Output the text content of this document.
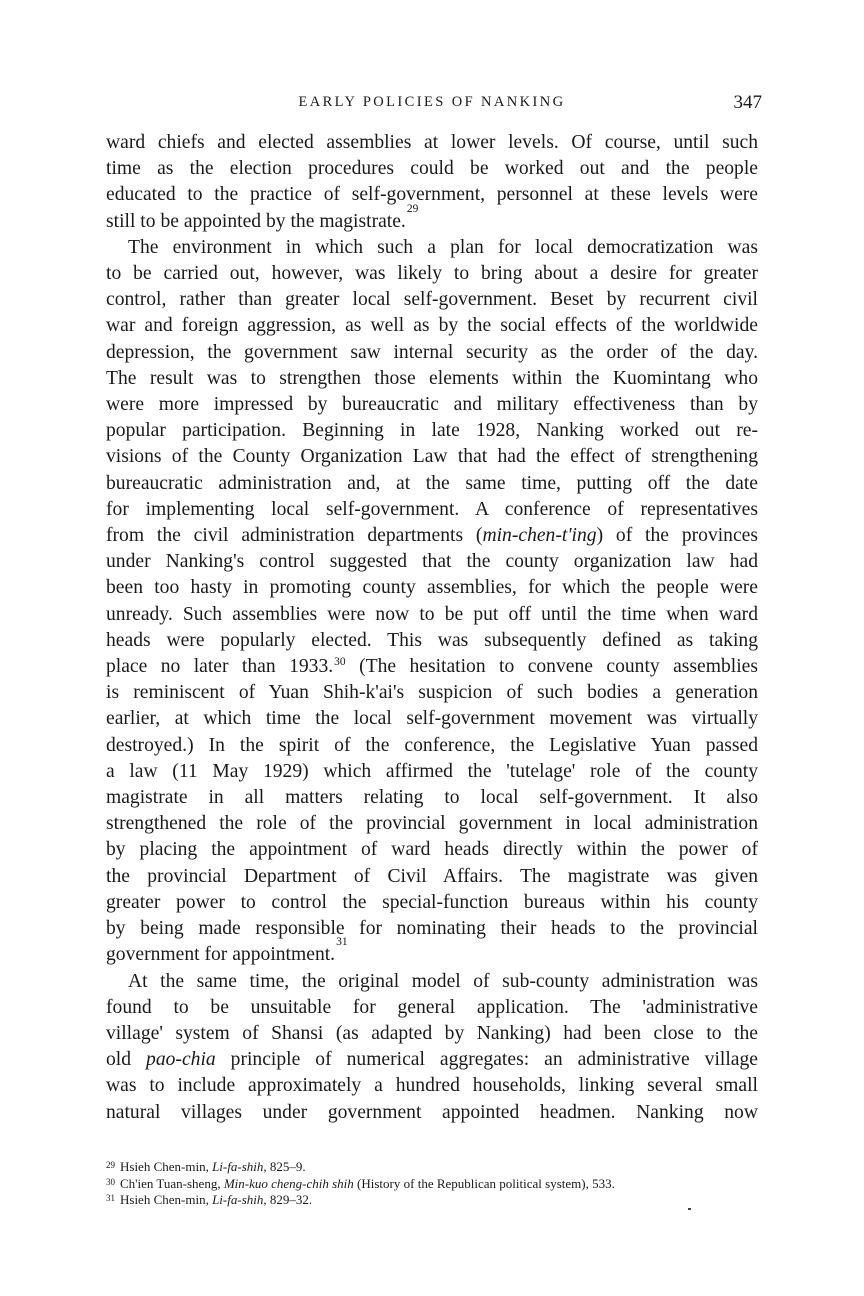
EARLY POLICIES OF NANKING	347
ward chiefs and elected assemblies at lower levels. Of course, until such
time as the election procedures could be worked out and the people
educated to the practice of self-government, personnel at these levels were
still to be appointed by the magistrate.
29
The environment in which such a plan for local democratization was
to be carried out, however, was likely to bring about a desire for greater
control, rather than greater local self-government. Beset by recurrent civil
war and foreign aggression, as well as by the social effects of the worldwide
depression, the government saw internal security as the order of the day.
The result was to strengthen those elements within the Kuomintang who
were more impressed by bureaucratic and military effectiveness than by
popular participation. Beginning in late 1928, Nanking worked out re-
visions of the County Organization Law that had the effect of strengthening
bureaucratic administration and, at the same time, putting off the date
for implementing local self-government. A conference of representatives
from the civil administration departments (min-chen-t'ing) of the provinces
under Nanking's control suggested that the county organization law had
been too hasty in promoting county assemblies, for which the people were
unready. Such assemblies were now to be put off until the time when ward
heads were popularly elected. This was subsequently defined as taking
place no later than 1933.30 (The hesitation to convene county assemblies
is reminiscent of Yuan Shih-k'ai's suspicion of such bodies a generation
earlier, at which time the local self-government movement was virtually
destroyed.) In the spirit of the conference, the Legislative Yuan passed
a law (11 May 1929) which affirmed the 'tutelage' role of the county
magistrate in all matters relating to local self-government. It also
strengthened the role of the provincial government in local administration
by placing the appointment of ward heads directly within the power of
the provincial Department of Civil Affairs. The magistrate was given
greater power to control the special-function bureaus within his county
by being made responsible for nominating their heads to the provincial
government for appointment.
31
At the same time, the original model of sub-county administration was
found to be unsuitable for general application. The 'administrative
village' system of Shansi (as adapted by Nanking) had been close to the
old pao-chia principle of numerical aggregates: an administrative village
was to include approximately a hundred households, linking several small
natural villages under government appointed headmen. Nanking now
29 Hsieh Chen-min, Li-fa-shih, 825–9.
30 Ch'ien Tuan-sheng, Min-kuo cheng-chih shih (History of the Republican political system), 533.
31 Hsieh Chen-min, Li-fa-shih, 829–32.
